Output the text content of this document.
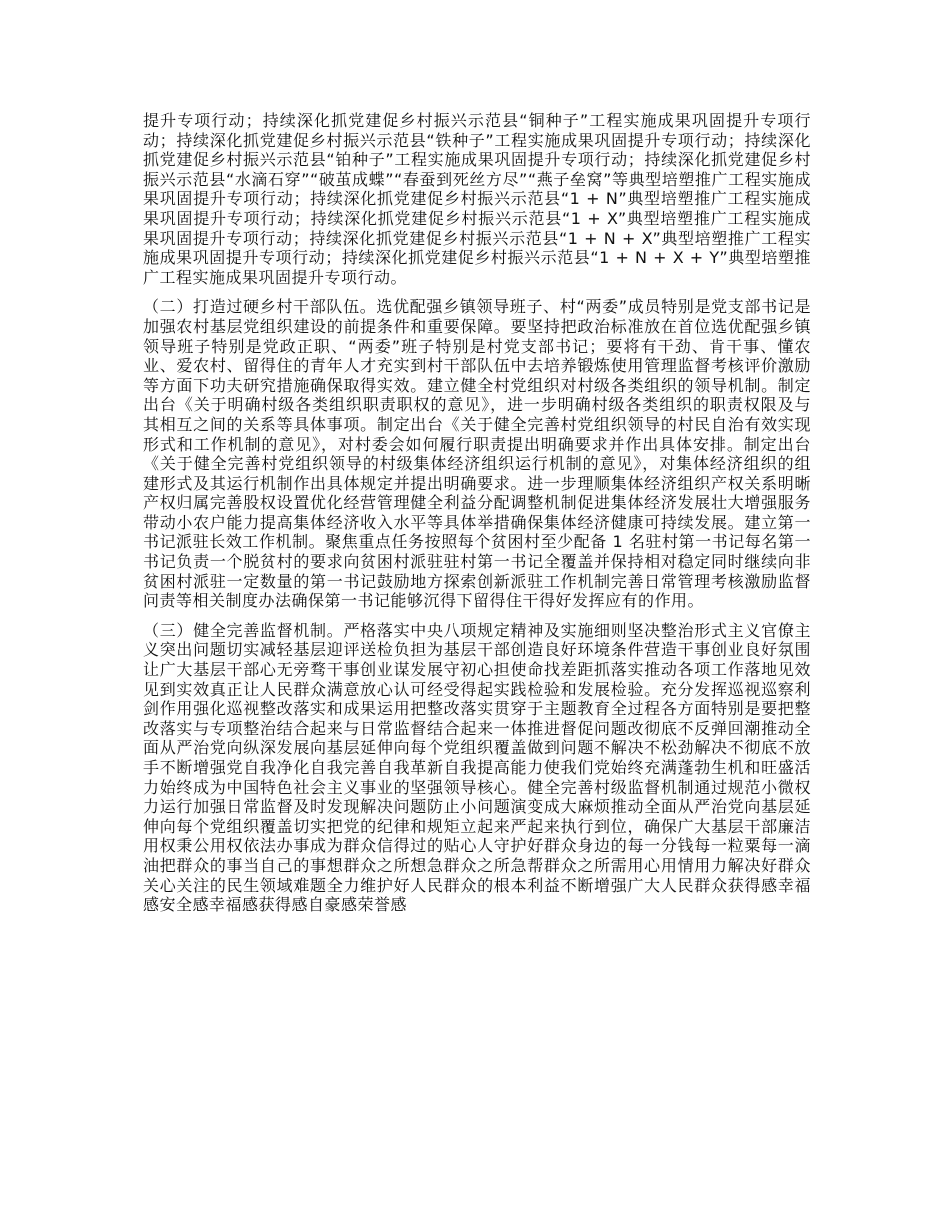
提升专项行动；持续深化抓党建促乡村振兴示范县“铜种子”工程实施成果巩固提升专项行动；持续深化抓党建促乡村振兴示范县“铁种子”工程实施成果巩固提升专项行动；持续深化抓党建促乡村振兴示范县“铂种子”工程实施成果巩固提升专项行动；持续深化抓党建促乡村振兴示范县“水滴石穿”“破茧成蝶”“春蚕到死丝方尽”“燕子垒窝”等典型培塑推广工程实施成果巩固提升专项行动；持续深化抓党建促乡村振兴示范县“1 + N”典型培塑推广工程实施成果巩固提升专项行动；持续深化抓党建促乡村振兴示范县“1 + X”典型培塑推广工程实施成果巩固提升专项行动；持续深化抓党建促乡村振兴示范县“1 + N + X”典型培塑推广工程实施成果巩固提升专项行动；持续深化抓党建促乡村振兴示范县“1 + N + X + Y”典型培塑推广工程实施成果巩固提升专项行动。

（二）打造过硬乡村干部队伍。选优配强乡镇领导班子、村“两委”成员特别是党支部书记是加强农村基层党组织建设的前提条件和重要保障。要坚持把政治标准放在首位选优配强乡镇领导班子特别是党政正职、“两委”班子特别是村党支部书记；要将有干劲、肯干事、懂农业、爱农村、留得住的青年人才充实到村干部队伍中去培养锻炼使用管理监督考核评价激励等方面下功夫研究措施确保取得实效。建立健全村党组织对村级各类组织的领导机制。制定出台《关于明确村级各类组织职责职权的意见》，进一步明确村级各类组织的职责权限及与其相互之间的关系等具体事项。制定出台《关于健全完善村党组织领导的村民自治有效实现形式和工作机制的意见》，对村委会如何履行职责提出明确要求并作出具体安排。制定出台《关于健全完善村党组织领导的村级集体经济组织运行机制的意见》，对集体经济组织的组建形式及其运行机制作出具体规定并提出明确要求。进一步理顺集体经济组织产权关系明晰产权归属完善股权设置优化经营管理健全利益分配调整机制促进集体经济发展壮大增强服务带动小农户能力提高集体经济收入水平等具体举措确保集体经济健康可持续发展。建立第一书记派驻长效工作机制。聚焦重点任务按照每个贫困村至少配备 1 名驻村第一书记每名第一书记负责一个脱贫村的要求向贫困村派驻驻村第一书记全覆盖并保持相对稳定同时继续向非贫困村派驻一定数量的第一书记鼓励地方探索创新派驻工作机制完善日常管理考核激励监督问责等相关制度办法确保第一书记能够沉得下留得住干得好发挥应有的作用。

（三）健全完善监督机制。严格落实中央八项规定精神及实施细则坚决整治形式主义官僚主义突出问题切实减轻基层迎评送检负担为基层干部创造良好环境条件营造干事创业良好氛围让广大基层干部心无旁骛干事创业谋发展守初心担使命找差距抓落实推动各项工作落地见效见到实效真正让人民群众满意放心认可经受得起实践检验和发展检验。充分发挥巡视巡察利剑作用强化巡视整改落实和成果运用把整改落实贯穿于主题教育全过程各方面特别是要把整改落实与专项整治结合起来与日常监督结合起来一体推进督促问题改彻底不反弹回潮推动全面从严治党向纵深发展向基层延伸向每个党组织覆盖做到问题不解决不松劲解决不彻底不放手不断增强党自我净化自我完善自我革新自我提高能力使我们党始终充满蓬勃生机和旺盛活力始终成为中国特色社会主义事业的坚强领导核心。健全完善村级监督机制通过规范小微权力运行加强日常监督及时发现解决问题防止小问题演变成大麻烦推动全面从严治党向基层延伸向每个党组织覆盖切实把党的纪律和规矩立起来严起来执行到位，确保广大基层干部廉洁用权秉公用权依法办事成为群众信得过的贴心人守护好群众身边的每一分钱每一粒粟每一滴油把群众的事当自己的事想群众之所想急群众之所急帮群众之所需用心用情用力解决好群众关心关注的民生领域难题全力维护好人民群众的根本利益不断增强广大人民群众获得感幸福感安全感幸福感获得感自豪感荣誉感
